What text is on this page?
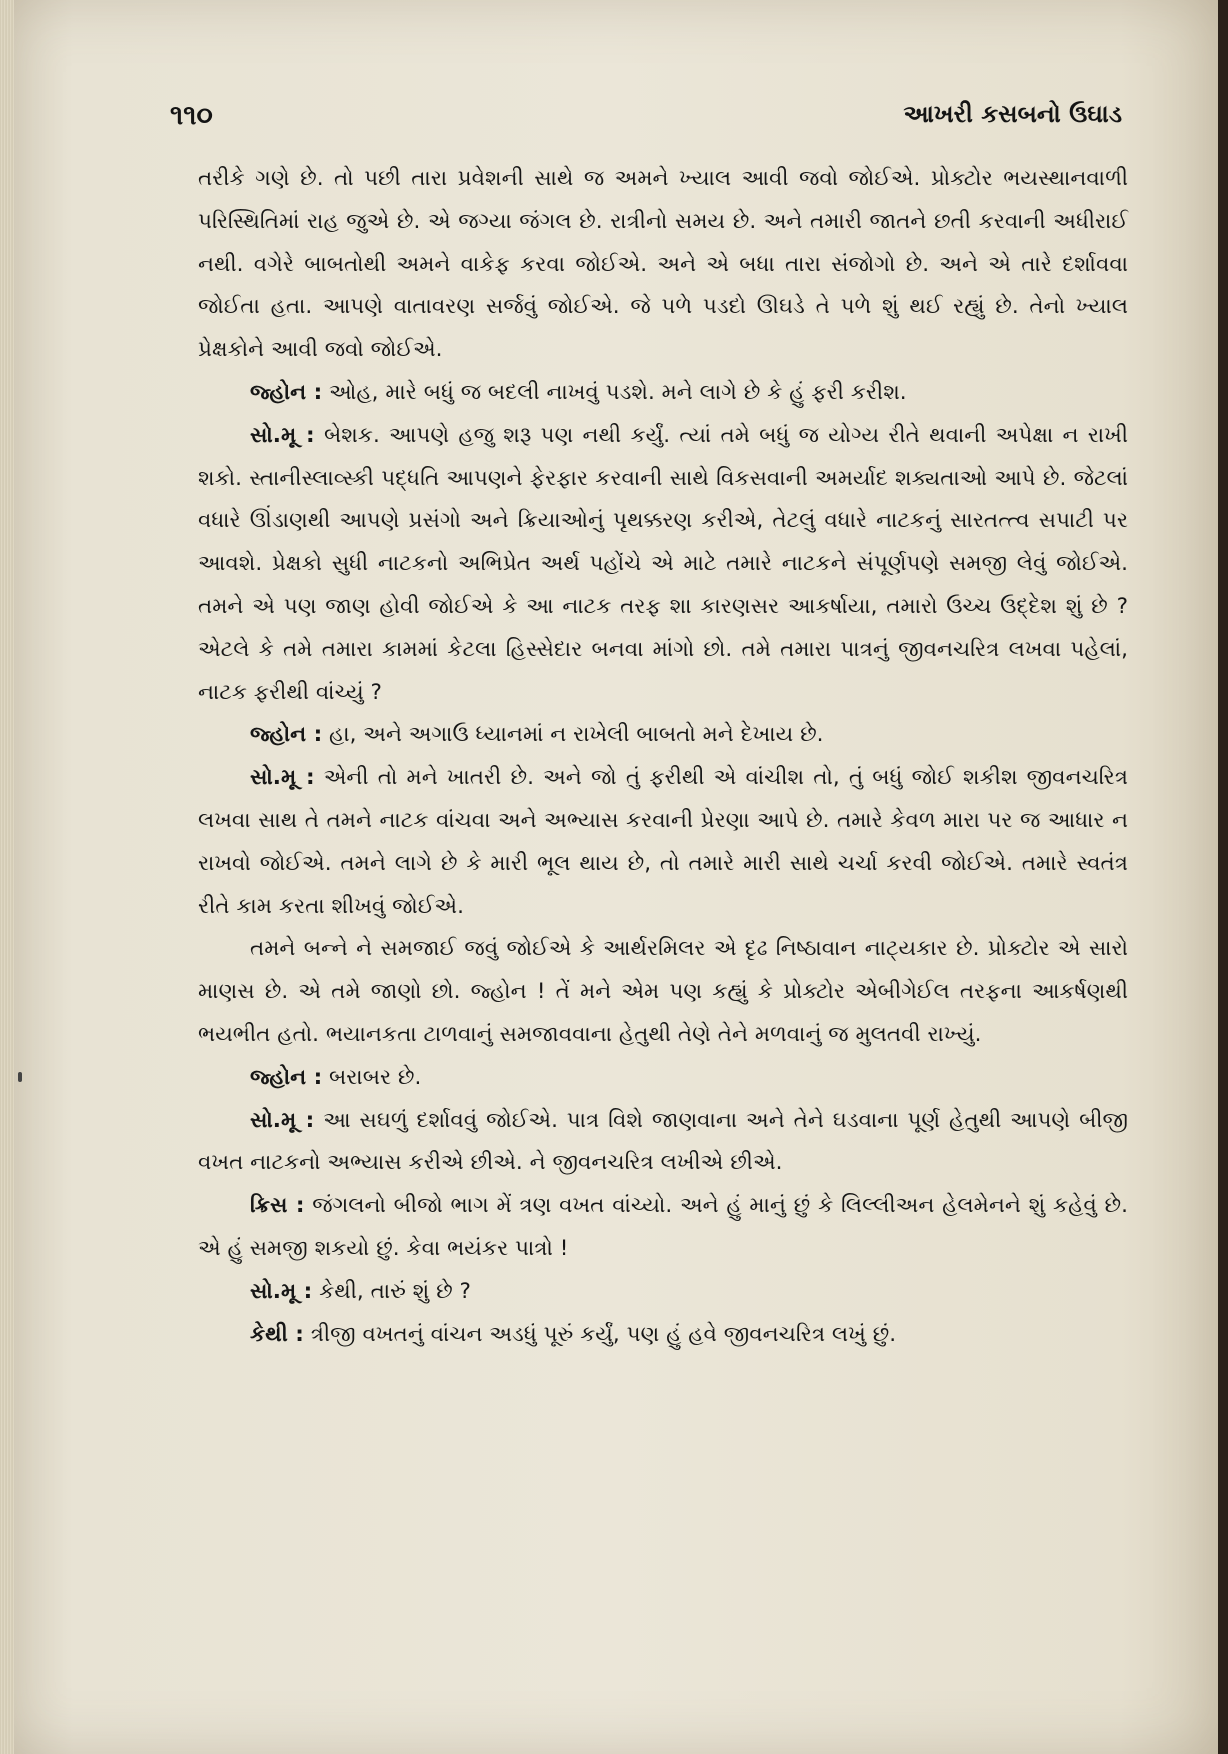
૧૧૦	આખરી કસબનો ઉઘાડ

તરીકે ગણે છે. તો પછી તારા પ્રવેશની સાથે જ અમને ખ્યાલ આવી જવો જોઈએ. પ્રોક્ટોર ભયસ્થાનવાળી પરિસ્થિતિમાં રાહ જુએ છે. એ જગ્યા જંગલ છે. રાત્રીનો સમય છે. અને તમારી જાતને છતી કરવાની અધીરાઈ નથી. વગેરે બાબતોથી અમને વાકેફ કરવા જોઈએ. અને એ બધા તારા સંજોગો છે. અને એ તારે દર્શાવવા જોઈતા હતા. આપણે વાતાવરણ સર્જવું જોઈએ. જે પળે પડદો ઊઘડે તે પળે શું થઈ રહ્યું છે. તેનો ખ્યાલ પ્રેક્ષકોને આવી જવો જોઈએ.

જ્હોન : ઓહ, મારે બધું જ બદલી નાખવું પડશે. મને લાગે છે કે હું ફરી કરીશ.

સો.મૂ : બેશક. આપણે હજુ શરૂ પણ નથી કર્યું. ત્યાં તમે બધું જ યોગ્ય રીતે થવાની અપેક્ષા ન રાખી શકો. સ્તાનીસ્લાવ્સ્કી પદ્ધતિ આપણને ફેરફાર કરવાની સાથે વિકસવાની અમર્યાદ શક્યતાઓ આપે છે. જેટલાં વધારે ઊંડાણથી આપણે પ્રસંગો અને ક્રિયાઓનું પૃથક્કરણ કરીએ, તેટલું વધારે નાટકનું સારતત્ત્વ સપાટી પર આવશે. પ્રેક્ષકો સુધી નાટકનો અભિપ્રેત અર્થ પહોંચે એ માટે તમારે નાટકને સંપૂર્ણપણે સમજી લેવું જોઈએ. તમને એ પણ જાણ હોવી જોઈએ કે આ નાટક તરફ શા કારણસર આકર્ષાયા, તમારો ઉચ્ચ ઉદ્દેશ શું છે ? એટલે કે તમે તમારા કામમાં કેટલા હિસ્સેદાર બનવા માંગો છો. તમે તમારા પાત્રનું જીવનચરિત્ર લખવા પહેલાં, નાટક ફરીથી વાંચ્યું ?

જ્હોન : હા, અને અગાઉ ધ્યાનમાં ન રાખેલી બાબતો મને દેખાય છે.

સો.મૂ : એની તો મને ખાતરી છે. અને જો તું ફરીથી એ વાંચીશ તો, તું બધું જોઈ શકીશ જીવનચરિત્ર લખવા સાથ તે તમને નાટક વાંચવા અને અભ્યાસ કરવાની પ્રેરણા આપે છે. તમારે કેવળ મારા પર જ આધાર ન રાખવો જોઈએ. તમને લાગે છે કે મારી ભૂલ થાય છે, તો તમારે મારી સાથે ચર્ચા કરવી જોઈએ. તમારે સ્વતંત્ર રીતે કામ કરતા શીખવું જોઈએ.

તમને બન્ને ને સમજાઈ જવું જોઈએ કે આર્થરમિલર એ દૃઢ નિષ્ઠાવાન નાટ્યકાર છે. પ્રોક્ટોર એ સારો માણસ છે. એ તમે જાણો છો. જ્હોન ! તેં મને એમ પણ કહ્યું કે પ્રોક્ટોર એબીગેઈલ તરફના આકર્ષણથી ભયભીત હતો. ભયાનકતા ટાળવાનું સમજાવવાના હેતુથી તેણે તેને મળવાનું જ મુલતવી રાખ્યું.

જ્હોન : બરાબર છે.

સો.મૂ : આ સઘળું દર્શાવવું જોઈએ. પાત્ર વિશે જાણવાના અને તેને ઘડવાના પૂર્ણ હેતુથી આપણે બીજી વખત નાટકનો અભ્યાસ કરીએ છીએ. ને જીવનચરિત્ર લખીએ છીએ.

ક્રિસ : જંગલનો બીજો ભાગ મેં ત્રણ વખત વાંચ્યો. અને હું માનું છું કે લિલ્લીઅન હેલમેનને શું કહેવું છે. એ હું સમજી શકયો છું. કેવા ભયંકર પાત્રો !

સો.મૂ : કેથી, તારું શું છે ?

કેથી : ત્રીજી વખતનું વાંચન અડધું પૂરું કર્યું, પણ હું હવે જીવનચરિત્ર લખું છું.
